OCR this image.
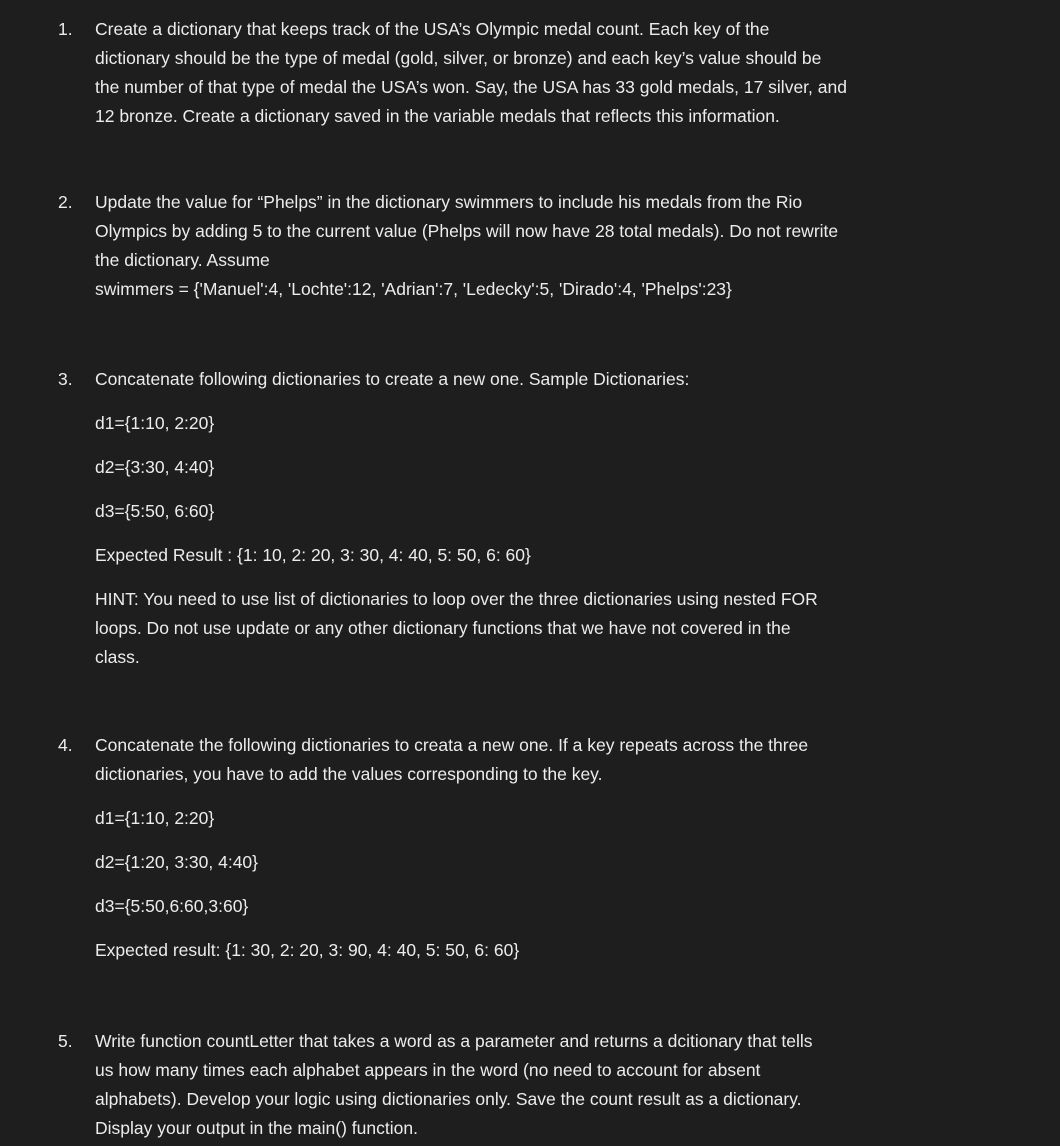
1.	Create a dictionary that keeps track of the USA’s Olympic medal count. Each key of the
dictionary should be the type of medal (gold, silver, or bronze) and each key’s value should be
the number of that type of medal the USA’s won. Say, the USA has 33 gold medals, 17 silver, and
12 bronze. Create a dictionary saved in the variable medals that reflects this information.
2.	Update the value for “Phelps” in the dictionary swimmers to include his medals from the Rio
Olympics by adding 5 to the current value (Phelps will now have 28 total medals). Do not rewrite
the dictionary. Assume
swimmers = {'Manuel':4, 'Lochte':12, 'Adrian':7, 'Ledecky':5, 'Dirado':4, 'Phelps':23}
3.	Concatenate following dictionaries to create a new one. Sample Dictionaries:
d1={1:10, 2:20}
d2={3:30, 4:40}
d3={5:50, 6:60}
Expected Result : {1: 10, 2: 20, 3: 30, 4: 40, 5: 50, 6: 60}
HINT: You need to use list of dictionaries to loop over the three dictionaries using nested FOR
loops. Do not use update or any other dictionary functions that we have not covered in the
class.
4.	Concatenate the following dictionaries to creata a new one. If a key repeats across the three
dictionaries, you have to add the values corresponding to the key.
d1={1:10, 2:20}
d2={1:20, 3:30, 4:40}
d3={5:50,6:60,3:60}
Expected result: {1: 30, 2: 20, 3: 90, 4: 40, 5: 50, 6: 60}
5.	Write function countLetter that takes a word as a parameter and returns a dcitionary that tells
us how many times each alphabet appears in the word (no need to account for absent
alphabets). Develop your logic using dictionaries only. Save the count result as a dictionary.
Display your output in the main() function.
